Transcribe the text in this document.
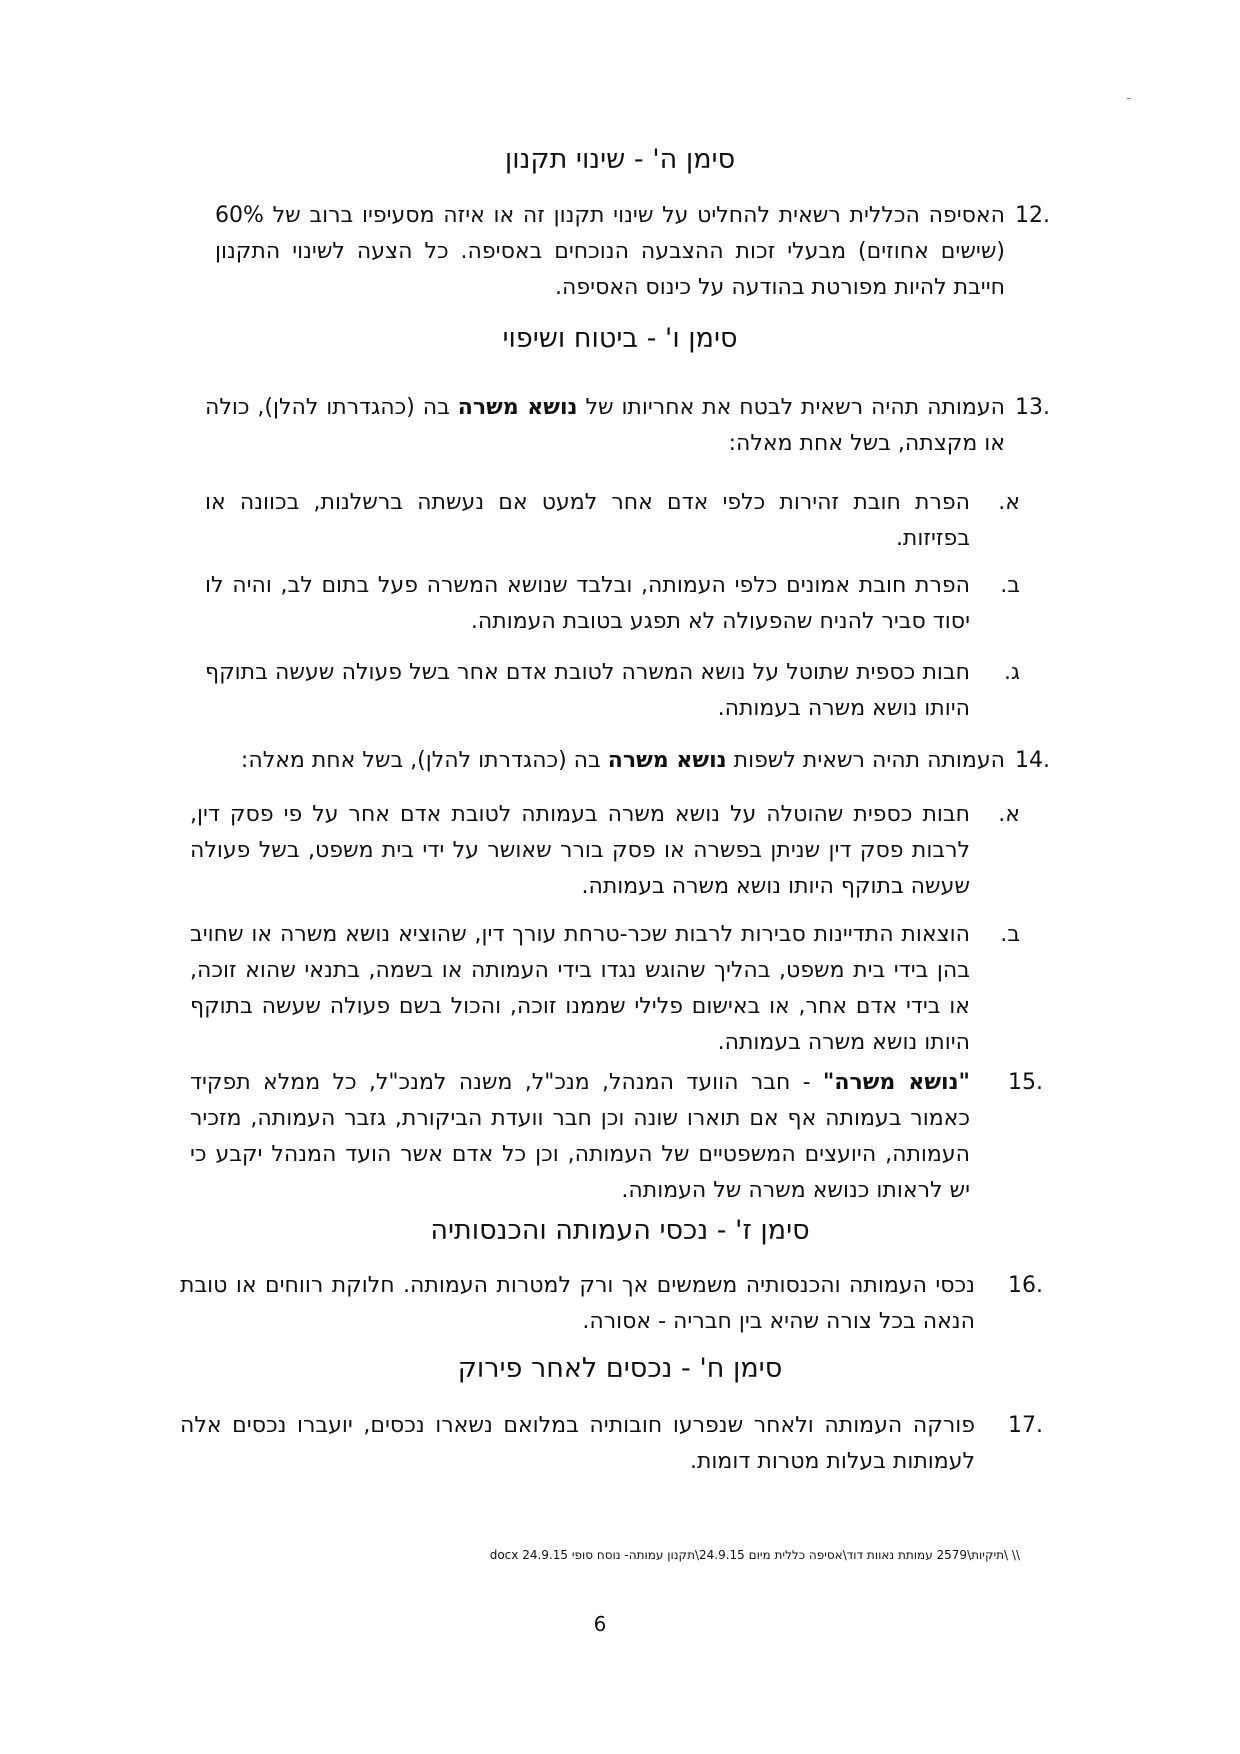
סימן ה' - שינוי תקנון

12.

האסיפה הכללית רשאית להחליט על שינוי תקנון זה או איזה מסעיפיו ברוב של 60% (שישים אחוזים) מבעלי זכות ההצבעה הנוכחים באסיפה. כל הצעה לשינוי התקנון חייבת להיות מפורטת בהודעה על כינוס האסיפה.

סימן ו' - ביטוח ושיפוי

13.

העמותה תהיה רשאית לבטח את אחריותו של נושא משרה בה (כהגדרתו להלן), כולה או מקצתה, בשל אחת מאלה:

א.

הפרת חובת זהירות כלפי אדם אחר למעט אם נעשתה ברשלנות, בכוונה או בפזיזות.

ב.

הפרת חובת אמונים כלפי העמותה, ובלבד שנושא המשרה פעל בתום לב, והיה לו יסוד סביר להניח שהפעולה לא תפגע בטובת העמותה.

ג.

חבות כספית שתוטל על נושא המשרה לטובת אדם אחר בשל פעולה שעשה בתוקף היותו נושא משרה בעמותה.

14.

העמותה תהיה רשאית לשפות נושא משרה בה (כהגדרתו להלן), בשל אחת מאלה:

א.

חבות כספית שהוטלה על נושא משרה בעמותה לטובת אדם אחר על פי פסק דין, לרבות פסק דין שניתן בפשרה או פסק בורר שאושר על ידי בית משפט, בשל פעולה שעשה בתוקף היותו נושא משרה בעמותה.

ב.

הוצאות התדיינות סבירות לרבות שכר-טרחת עורך דין, שהוציא נושא משרה או שחויב בהן בידי בית משפט, בהליך שהוגש נגדו בידי העמותה או בשמה, בתנאי שהוא זוכה, או בידי אדם אחר, או באישום פלילי שממנו זוכה, והכול בשם פעולה שעשה בתוקף היותו נושא משרה בעמותה.

15.

"נושא משרה" - חבר הוועד המנהל, מנכ"ל, משנה למנכ"ל, כל ממלא תפקיד כאמור בעמותה אף אם תוארו שונה וכן חבר וועדת הביקורת, גזבר העמותה, מזכיר העמותה, היועצים המשפטיים של העמותה, וכן כל אדם אשר הועד המנהל יקבע כי יש לראותו כנושא משרה של העמותה.

סימן ז' - נכסי העמותה והכנסותיה

16.

נכסי העמותה והכנסותיה משמשים אך ורק למטרות העמותה. חלוקת רווחים או טובת הנאה בכל צורה שהיא בין חבריה - אסורה.

סימן ח' - נכסים לאחר פירוק

17.

פורקה העמותה ולאחר שנפרעו חובותיה במלואם נשארו נכסים, יועברו נכסים אלה לעמותות בעלות מטרות דומות.

\\ \תיקיות\2579 עמותת נאוות דוד\אסיפה כללית מיום 24.9.15\תקנון עמותה- נוסח סופי 24.9.15 docx

6
